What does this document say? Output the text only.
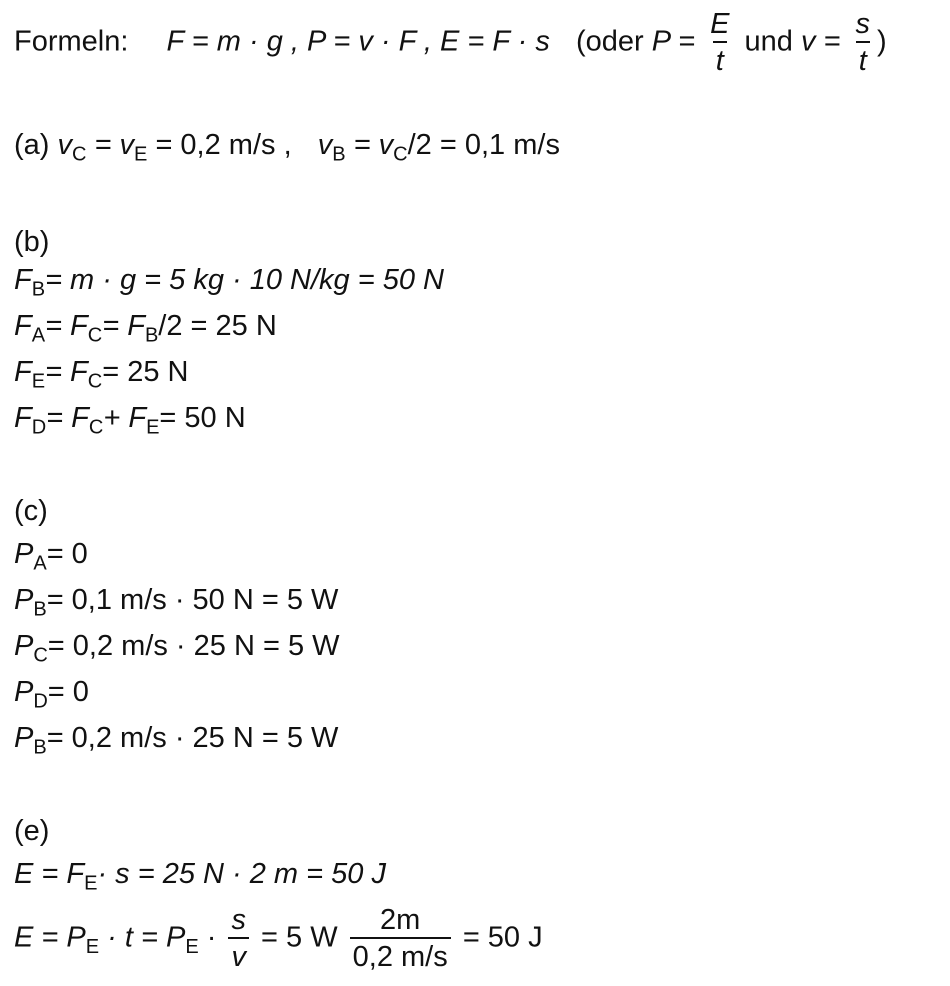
Formeln: F = m · g , P = v · F , E = F · s (oder $P = \frac{E}{t}$ und $v = \frac{s}{t}$ )
(a) $v_C = v_E = 0,2$ m/s , $v_B = v_C/2 = 0,1$ m/s
(b)
$F_B= m \cdot g = 5$ kg · 10 N/kg = 50 N
$F_A= F_C= F_B/2 = 25$ N
$F_E= F_C= 25$ N
$F_D= F_C+ F_E= 50$ N
(c)
$P_A= 0$
$P_B= 0,1$ m/s · 50 N = 5 W
$P_C= 0,2$ m/s · 25 N = 5 W
$P_D= 0$
$P_B= 0,2$ m/s · 25 N = 5 W
(e)
$E = F_E\cdot s = 25$ N · 2 m = 50 J
$E = P_E \cdot t = P_E \cdot \frac{s}{v} = 5$ W $\frac{2m}{0,2 m/s} = 50$ J
